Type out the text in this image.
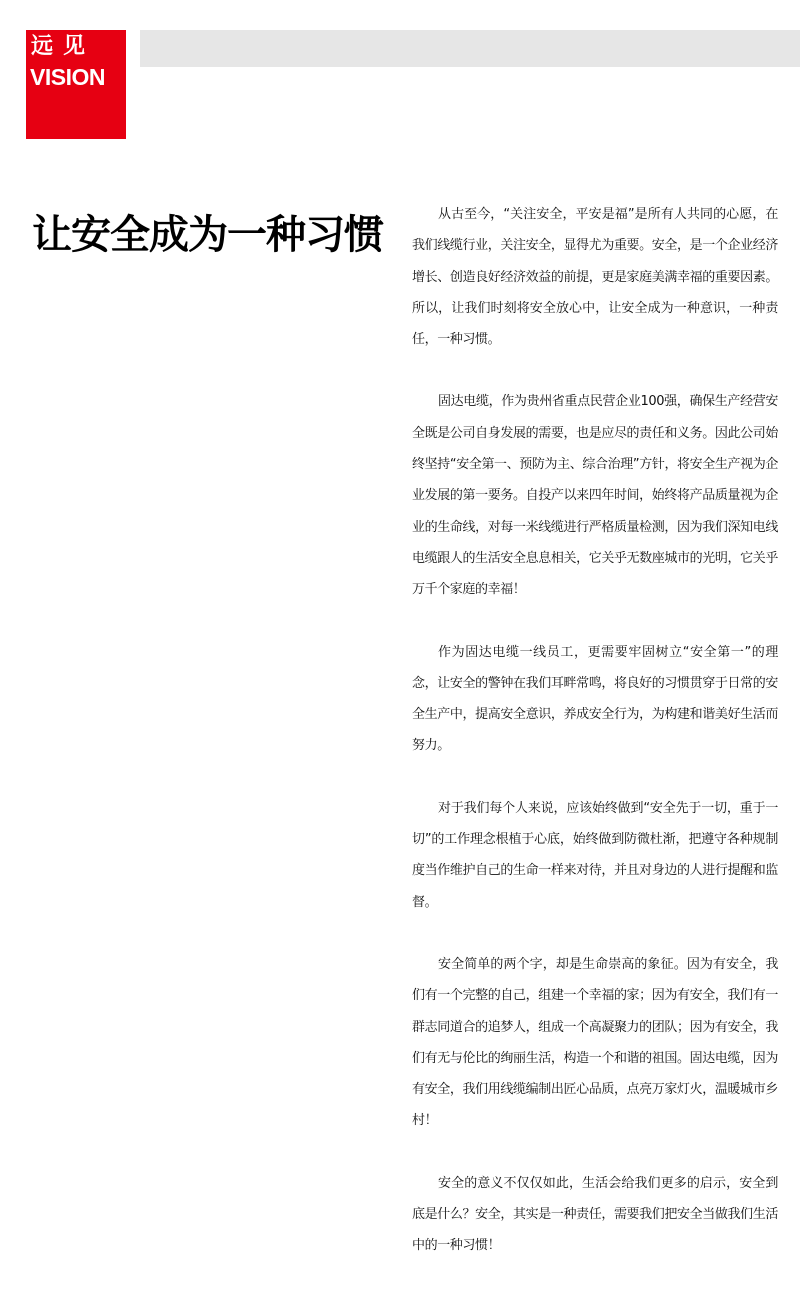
远见
VISION
让安全成为一种习惯	从古至今，“关注安全，平安是福”是所有人共同的心愿，在我们线缆行业，关注安全，显得尤为重要。安全，是一个企业经济增长、创造良好经济效益的前提，更是家庭美满幸福的重要因素。所以，让我们时刻将安全放心中，让安全成为一种意识，一种责任，一种习惯。

固达电缆，作为贵州省重点民营企业100强，确保生产经营安全既是公司自身发展的需要，也是应尽的责任和义务。因此公司始终坚持“安全第一、预防为主、综合治理”方针，将安全生产视为企业发展的第一要务。自投产以来四年时间，始终将产品质量视为企业的生命线，对每一米线缆进行严格质量检测，因为我们深知电线电缆跟人的生活安全息息相关，它关乎无数座城市的光明，它关乎万千个家庭的幸福！

作为固达电缆一线员工，更需要牢固树立“安全第一”的理念，让安全的警钟在我们耳畔常鸣，将良好的习惯贯穿于日常的安全生产中，提高安全意识，养成安全行为，为构建和谐美好生活而努力。

对于我们每个人来说，应该始终做到“安全先于一切，重于一切”的工作理念根植于心底，始终做到防微杜渐，把遵守各种规制度当作维护自己的生命一样来对待，并且对身边的人进行提醒和监督。

安全简单的两个字，却是生命崇高的象征。因为有安全，我们有一个完整的自己，组建一个幸福的家；因为有安全，我们有一群志同道合的追梦人，组成一个高凝聚力的团队；因为有安全，我们有无与伦比的绚丽生活，构造一个和谐的祖国。固达电缆，因为有安全，我们用线缆编制出匠心品质，点亮万家灯火，温暖城市乡村！

安全的意义不仅仅如此，生活会给我们更多的启示，安全到底是什么？安全，其实是一种责任，需要我们把安全当做我们生活中的一种习惯！
